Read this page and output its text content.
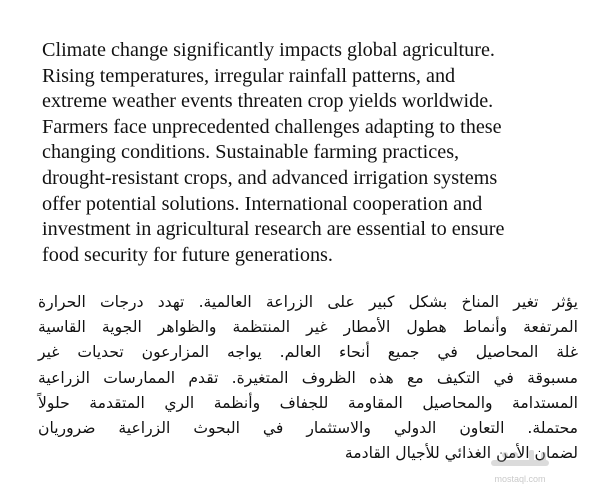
Climate change significantly impacts global agriculture.
Rising temperatures, irregular rainfall patterns, and
extreme weather events threaten crop yields worldwide.
Farmers face unprecedented challenges adapting to these
changing conditions. Sustainable farming practices,
drought-resistant crops, and advanced irrigation systems
offer potential solutions. International cooperation and
investment in agricultural research are essential to ensure
food security for future generations.

يؤثر تغير المناخ بشكل كبير على الزراعة العالمية. تهدد درجات الحرارة
المرتفعة وأنماط هطول الأمطار غير المنتظمة والظواهر الجوية القاسية
غلة المحاصيل في جميع أنحاء العالم. يواجه المزارعون تحديات غير
مسبوقة في التكيف مع هذه الظروف المتغيرة. تقدم الممارسات الزراعية
المستدامة والمحاصيل المقاومة للجفاف وأنظمة الري المتقدمة حلولاً
محتملة. التعاون الدولي والاستثمار في البحوث الزراعية ضروريان
لضمان الأمن الغذائي للأجيال القادمة

mostaql.com
